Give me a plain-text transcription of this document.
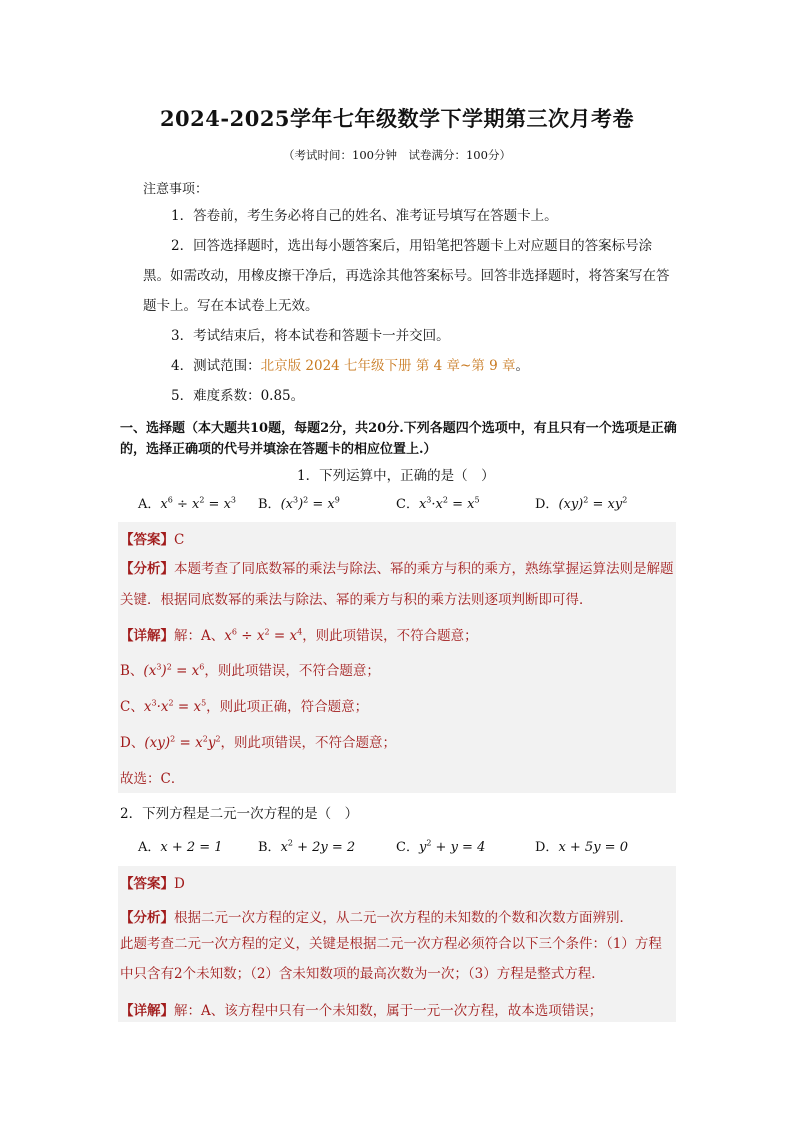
2024-2025学年七年级数学下学期第三次月考卷
（考试时间：100分钟　试卷满分：100分）
注意事项：

1．答卷前，考生务必将自己的姓名、准考证号填写在答题卡上。

2．回答选择题时，选出每小题答案后，用铅笔把答题卡上对应题目的答案标号涂黑。如需改动，用橡皮擦干净后，再选涂其他答案标号。回答非选择题时，将答案写在答题卡上。写在本试卷上无效。

3．考试结束后，将本试卷和答题卡一并交回。

4．测试范围：北京版 2024 七年级下册 第 4 章~第 9 章。

5．难度系数：0.85。

一、选择题（本大题共10题，每题2分，共20分.下列各题四个选项中，有且只有一个选项是正确的，选择正确项的代号并填涂在答题卡的相应位置上.）
1．下列运算中，正确的是（　）
A．$x^6 \div x^2 = x^3$ B．$(x^3)^2 = x^9$	C．$x^3\cdot x^2 = x^5$	D．$(xy)^2 = xy^2$
【答案】C
【分析】本题考查了同底数幂的乘法与除法、幂的乘方与积的乘方，熟练掌握运算法则是解题关键．根据同底数幂的乘法与除法、幂的乘方与积的乘方法则逐项判断即可得．
【详解】解：A、$x^6 \div x^2 = x^4$，则此项错误，不符合题意；
B、$(x^3)^2 = x^6$，则此项错误，不符合题意；
C、$x^3\cdot x^2 = x^5$，则此项正确，符合题意；
D、$(xy)^2 = x^2y^2$，则此项错误，不符合题意；
故选：C．
2．下列方程是二元一次方程的是（　）
A．x + 2 = 1	B．$x^2 + 2y = 2$	C．$y^2 + y = 4$	D．x + 5y = 0
【答案】D
【分析】根据二元一次方程的定义，从二元一次方程的未知数的个数和次数方面辨别．
此题考查二元一次方程的定义，关键是根据二元一次方程必须符合以下三个条件：（1）方程中只含有2个未知数；（2）含未知数项的最高次数为一次；（3）方程是整式方程．
【详解】解：A、该方程中只有一个未知数，属于一元一次方程，故本选项错误；
